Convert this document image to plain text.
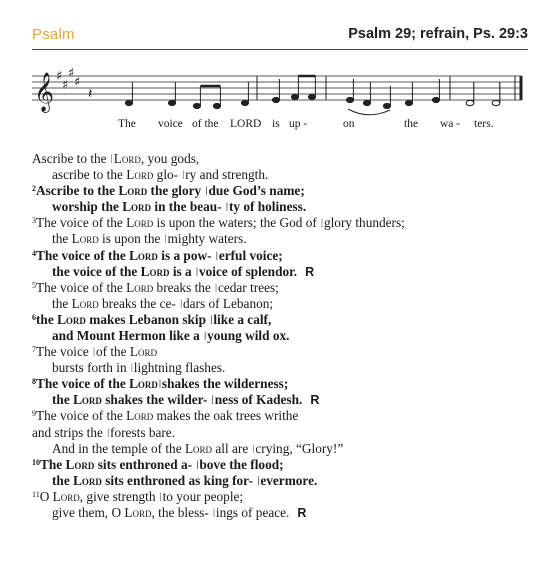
Psalm	Psalm 29; refrain, Ps. 29:3
𝄞 ♯
♯
♯
♯
𝄽
The voice of the LORD is up -	on	the wa - ters.
Ascribe to the |Lord, you gods,
ascribe to the Lord glo- |ry and strength.
$^2$Ascribe to the Lord the glory |due God’s name;
worship the Lord in the beau- |ty of holiness.
$^3$The voice of the Lord is upon the waters; the God of |glory thunders;
the Lord is upon the |mighty waters.
$^4$The voice of the Lord is a pow- |erful voice;
the voice of the Lord is a |voice of splendor. R
$^5$The voice of the Lord breaks the |cedar trees;
the Lord breaks the ce- |dars of Lebanon;
$^6$the Lord makes Lebanon skip |like a calf,
and Mount Hermon like a |young wild ox.
$^7$The voice |of the Lord
bursts forth in |lightning flashes.
$^8$The voice of the Lord|shakes the wilderness;
the Lord shakes the wilder- |ness of Kadesh. R
$^9$The voice of the Lord makes the oak trees writhe
and strips the |forests bare.
And in the temple of the Lord all are |crying, “Glory!”
$^{10}$The Lord sits enthroned a- |bove the flood;
the Lord sits enthroned as king for- |evermore.
$^{11}$O Lord, give strength |to your people;
give them, O Lord, the bless- |ings of peace. R
